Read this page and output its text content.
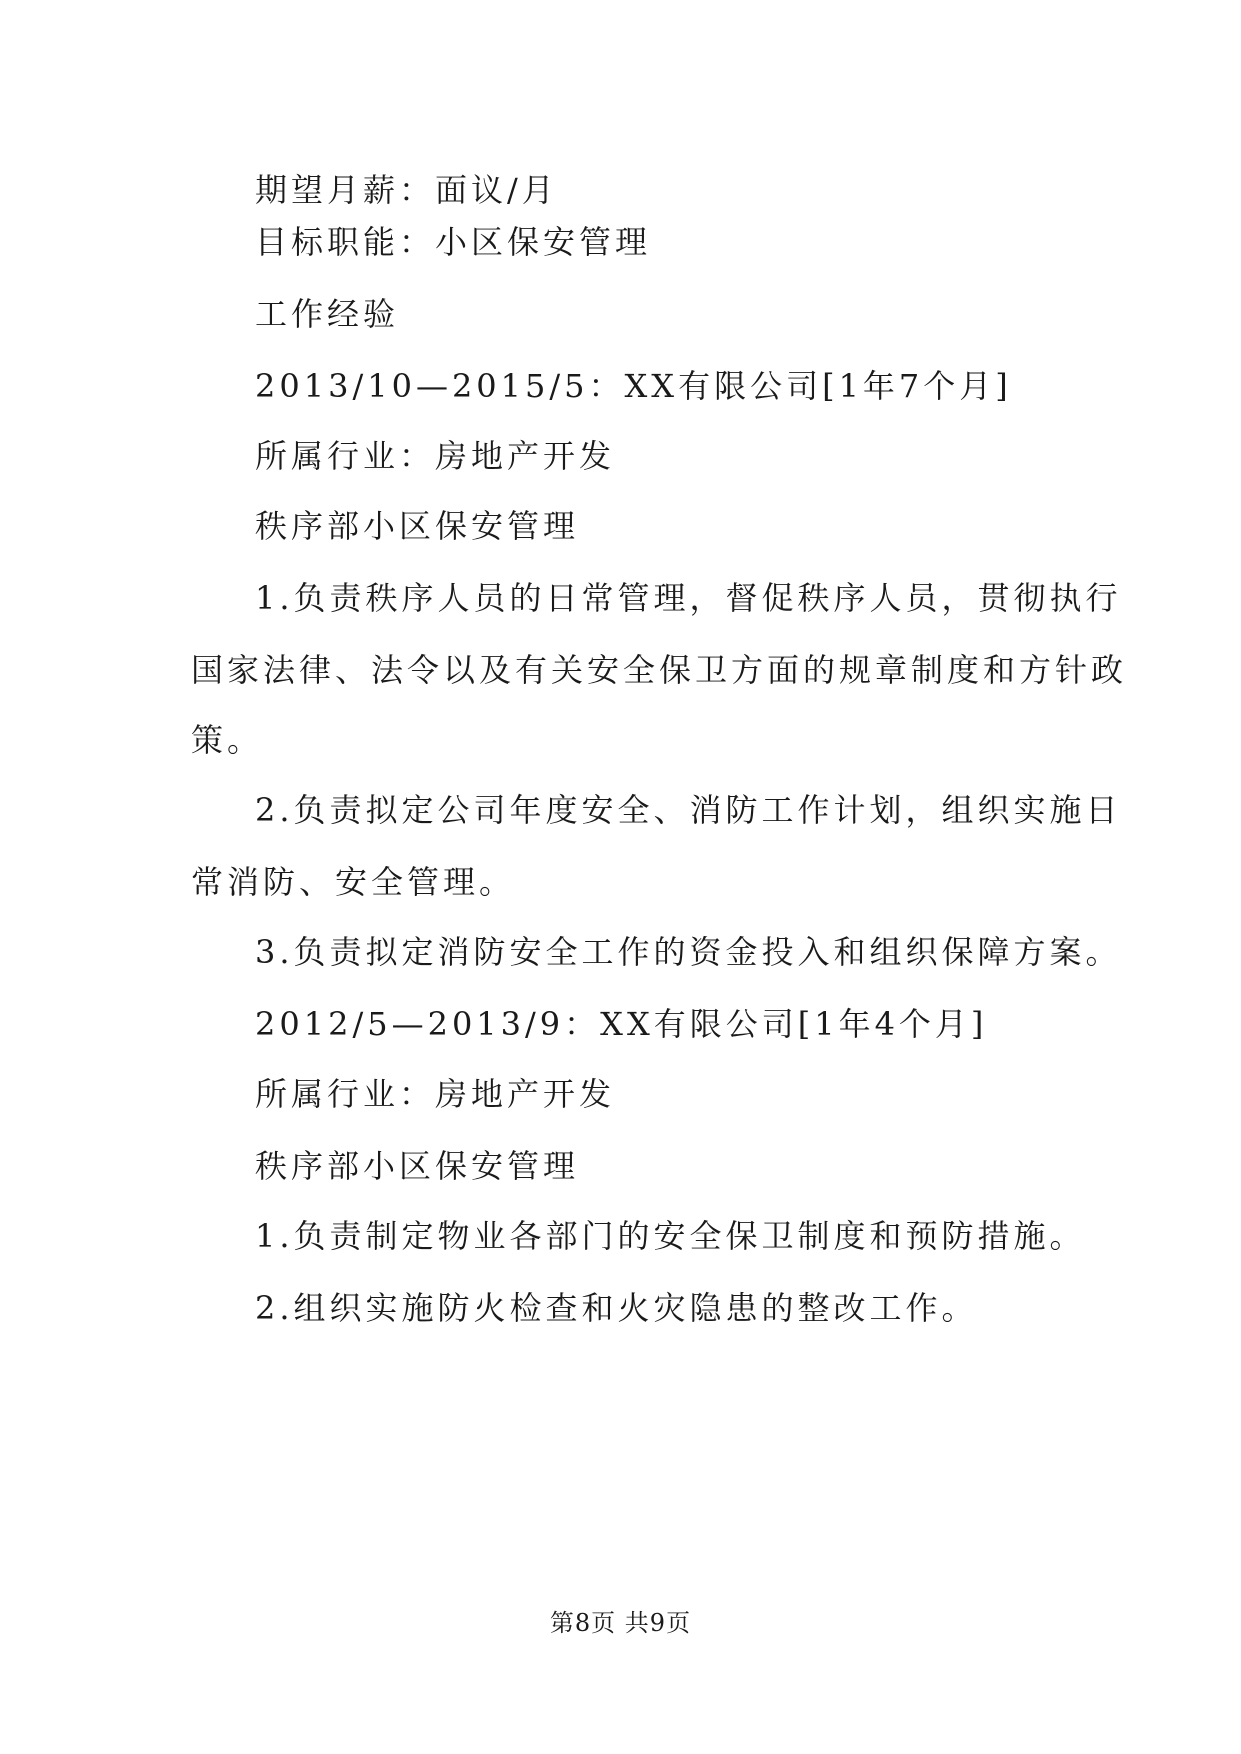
期望月薪：面议/月
目标职能：小区保安管理
工作经验
2013/10—2015/5：XX有限公司[1年7个月]
所属行业：房地产开发
秩序部小区保安管理
1.负责秩序人员的日常管理，督促秩序人员，贯彻执行
国家法律、法令以及有关安全保卫方面的规章制度和方针政
策。
2.负责拟定公司年度安全、消防工作计划，组织实施日
常消防、安全管理。
3.负责拟定消防安全工作的资金投入和组织保障方案。
2012/5—2013/9：XX有限公司[1年4个月]
所属行业：房地产开发
秩序部小区保安管理
1.负责制定物业各部门的安全保卫制度和预防措施。
2.组织实施防火检查和火灾隐患的整改工作。
第8页 共9页
